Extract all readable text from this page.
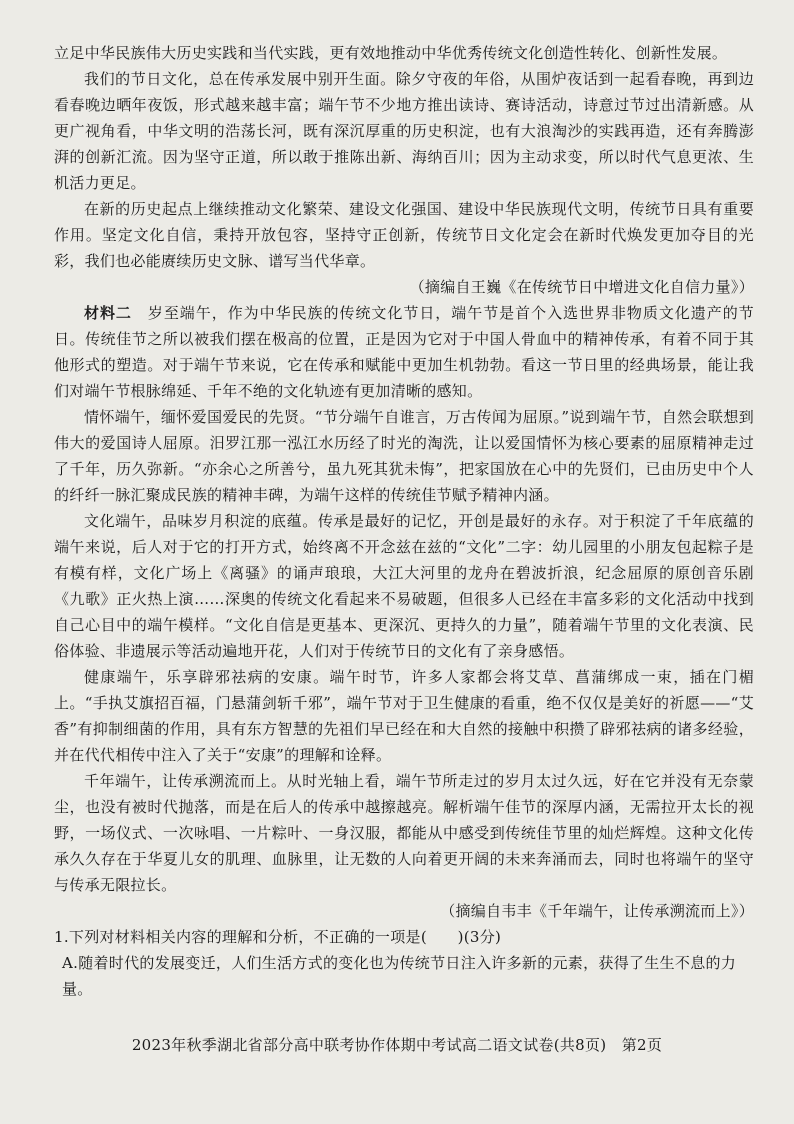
立足中华民族伟大历史实践和当代实践，更有效地推动中华优秀传统文化创造性转化、创新性发展。

我们的节日文化，总在传承发展中别开生面。除夕守夜的年俗，从围炉夜话到一起看春晚，再到边看春晚边晒年夜饭，形式越来越丰富；端午节不少地方推出读诗、赛诗活动，诗意过节过出清新感。从更广视角看，中华文明的浩荡长河，既有深沉厚重的历史积淀，也有大浪淘沙的实践再造，还有奔腾澎湃的创新汇流。因为坚守正道，所以敢于推陈出新、海纳百川；因为主动求变，所以时代气息更浓、生机活力更足。

在新的历史起点上继续推动文化繁荣、建设文化强国、建设中华民族现代文明，传统节日具有重要作用。坚定文化自信，秉持开放包容，坚持守正创新，传统节日文化定会在新时代焕发更加夺目的光彩，我们也必能赓续历史文脉、谱写当代华章。

（摘编自王巍《在传统节日中增进文化自信力量》）

材料二　 岁至端午，作为中华民族的传统文化节日，端午节是首个入选世界非物质文化遗产的节日。传统佳节之所以被我们摆在极高的位置，正是因为它对于中国人骨血中的精神传承，有着不同于其他形式的塑造。对于端午节来说，它在传承和赋能中更加生机勃勃。看这一节日里的经典场景，能让我们对端午节根脉绵延、千年不绝的文化轨迹有更加清晰的感知。

情怀端午，缅怀爱国爱民的先贤。“节分端午自谁言，万古传闻为屈原。”说到端午节，自然会联想到伟大的爱国诗人屈原。汨罗江那一泓江水历经了时光的淘洗，让以爱国情怀为核心要素的屈原精神走过了千年，历久弥新。“亦余心之所善兮，虽九死其犹未悔”，把家国放在心中的先贤们，已由历史中个人的纤纤一脉汇聚成民族的精神丰碑，为端午这样的传统佳节赋予精神内涵。

文化端午，品味岁月积淀的底蕴。传承是最好的记忆，开创是最好的永存。对于积淀了千年底蕴的端午来说，后人对于它的打开方式，始终离不开念兹在兹的“文化”二字：幼儿园里的小朋友包起粽子是有模有样，文化广场上《离骚》的诵声琅琅，大江大河里的龙舟在碧波折浪，纪念屈原的原创音乐剧《九歌》正火热上演……深奥的传统文化看起来不易破题，但很多人已经在丰富多彩的文化活动中找到自己心目中的端午模样。“文化自信是更基本、更深沉、更持久的力量”，随着端午节里的文化表演、民俗体验、非遗展示等活动遍地开花，人们对于传统节日的文化有了亲身感悟。

健康端午，乐享辟邪祛病的安康。端午时节，许多人家都会将艾草、菖蒲绑成一束，插在门楣上。“手执艾旗招百福，门悬蒲剑斩千邪”，端午节对于卫生健康的看重，绝不仅仅是美好的祈愿——“艾香”有抑制细菌的作用，具有东方智慧的先祖们早已经在和大自然的接触中积攒了辟邪祛病的诸多经验，并在代代相传中注入了关于“安康”的理解和诠释。

千年端午，让传承溯流而上。从时光轴上看，端午节所走过的岁月太过久远，好在它并没有无奈蒙尘，也没有被时代抛落，而是在后人的传承中越擦越亮。解析端午佳节的深厚内涵，无需拉开太长的视野，一场仪式、一次咏唱、一片粽叶、一身汉服，都能从中感受到传统佳节里的灿烂辉煌。这种文化传承久久存在于华夏儿女的肌理、血脉里，让无数的人向着更开阔的未来奔涌而去，同时也将端午的坚守与传承无限拉长。

（摘编自韦丰《千年端午，让传承溯流而上》）

1.下列对材料相关内容的理解和分析，不正确的一项是(　　)(3分)

A.随着时代的发展变迁，人们生活方式的变化也为传统节日注入许多新的元素，获得了生生不息的力量。

2023年秋季湖北省部分高中联考协作体期中考试高二语文试卷(共8页)　第2页
